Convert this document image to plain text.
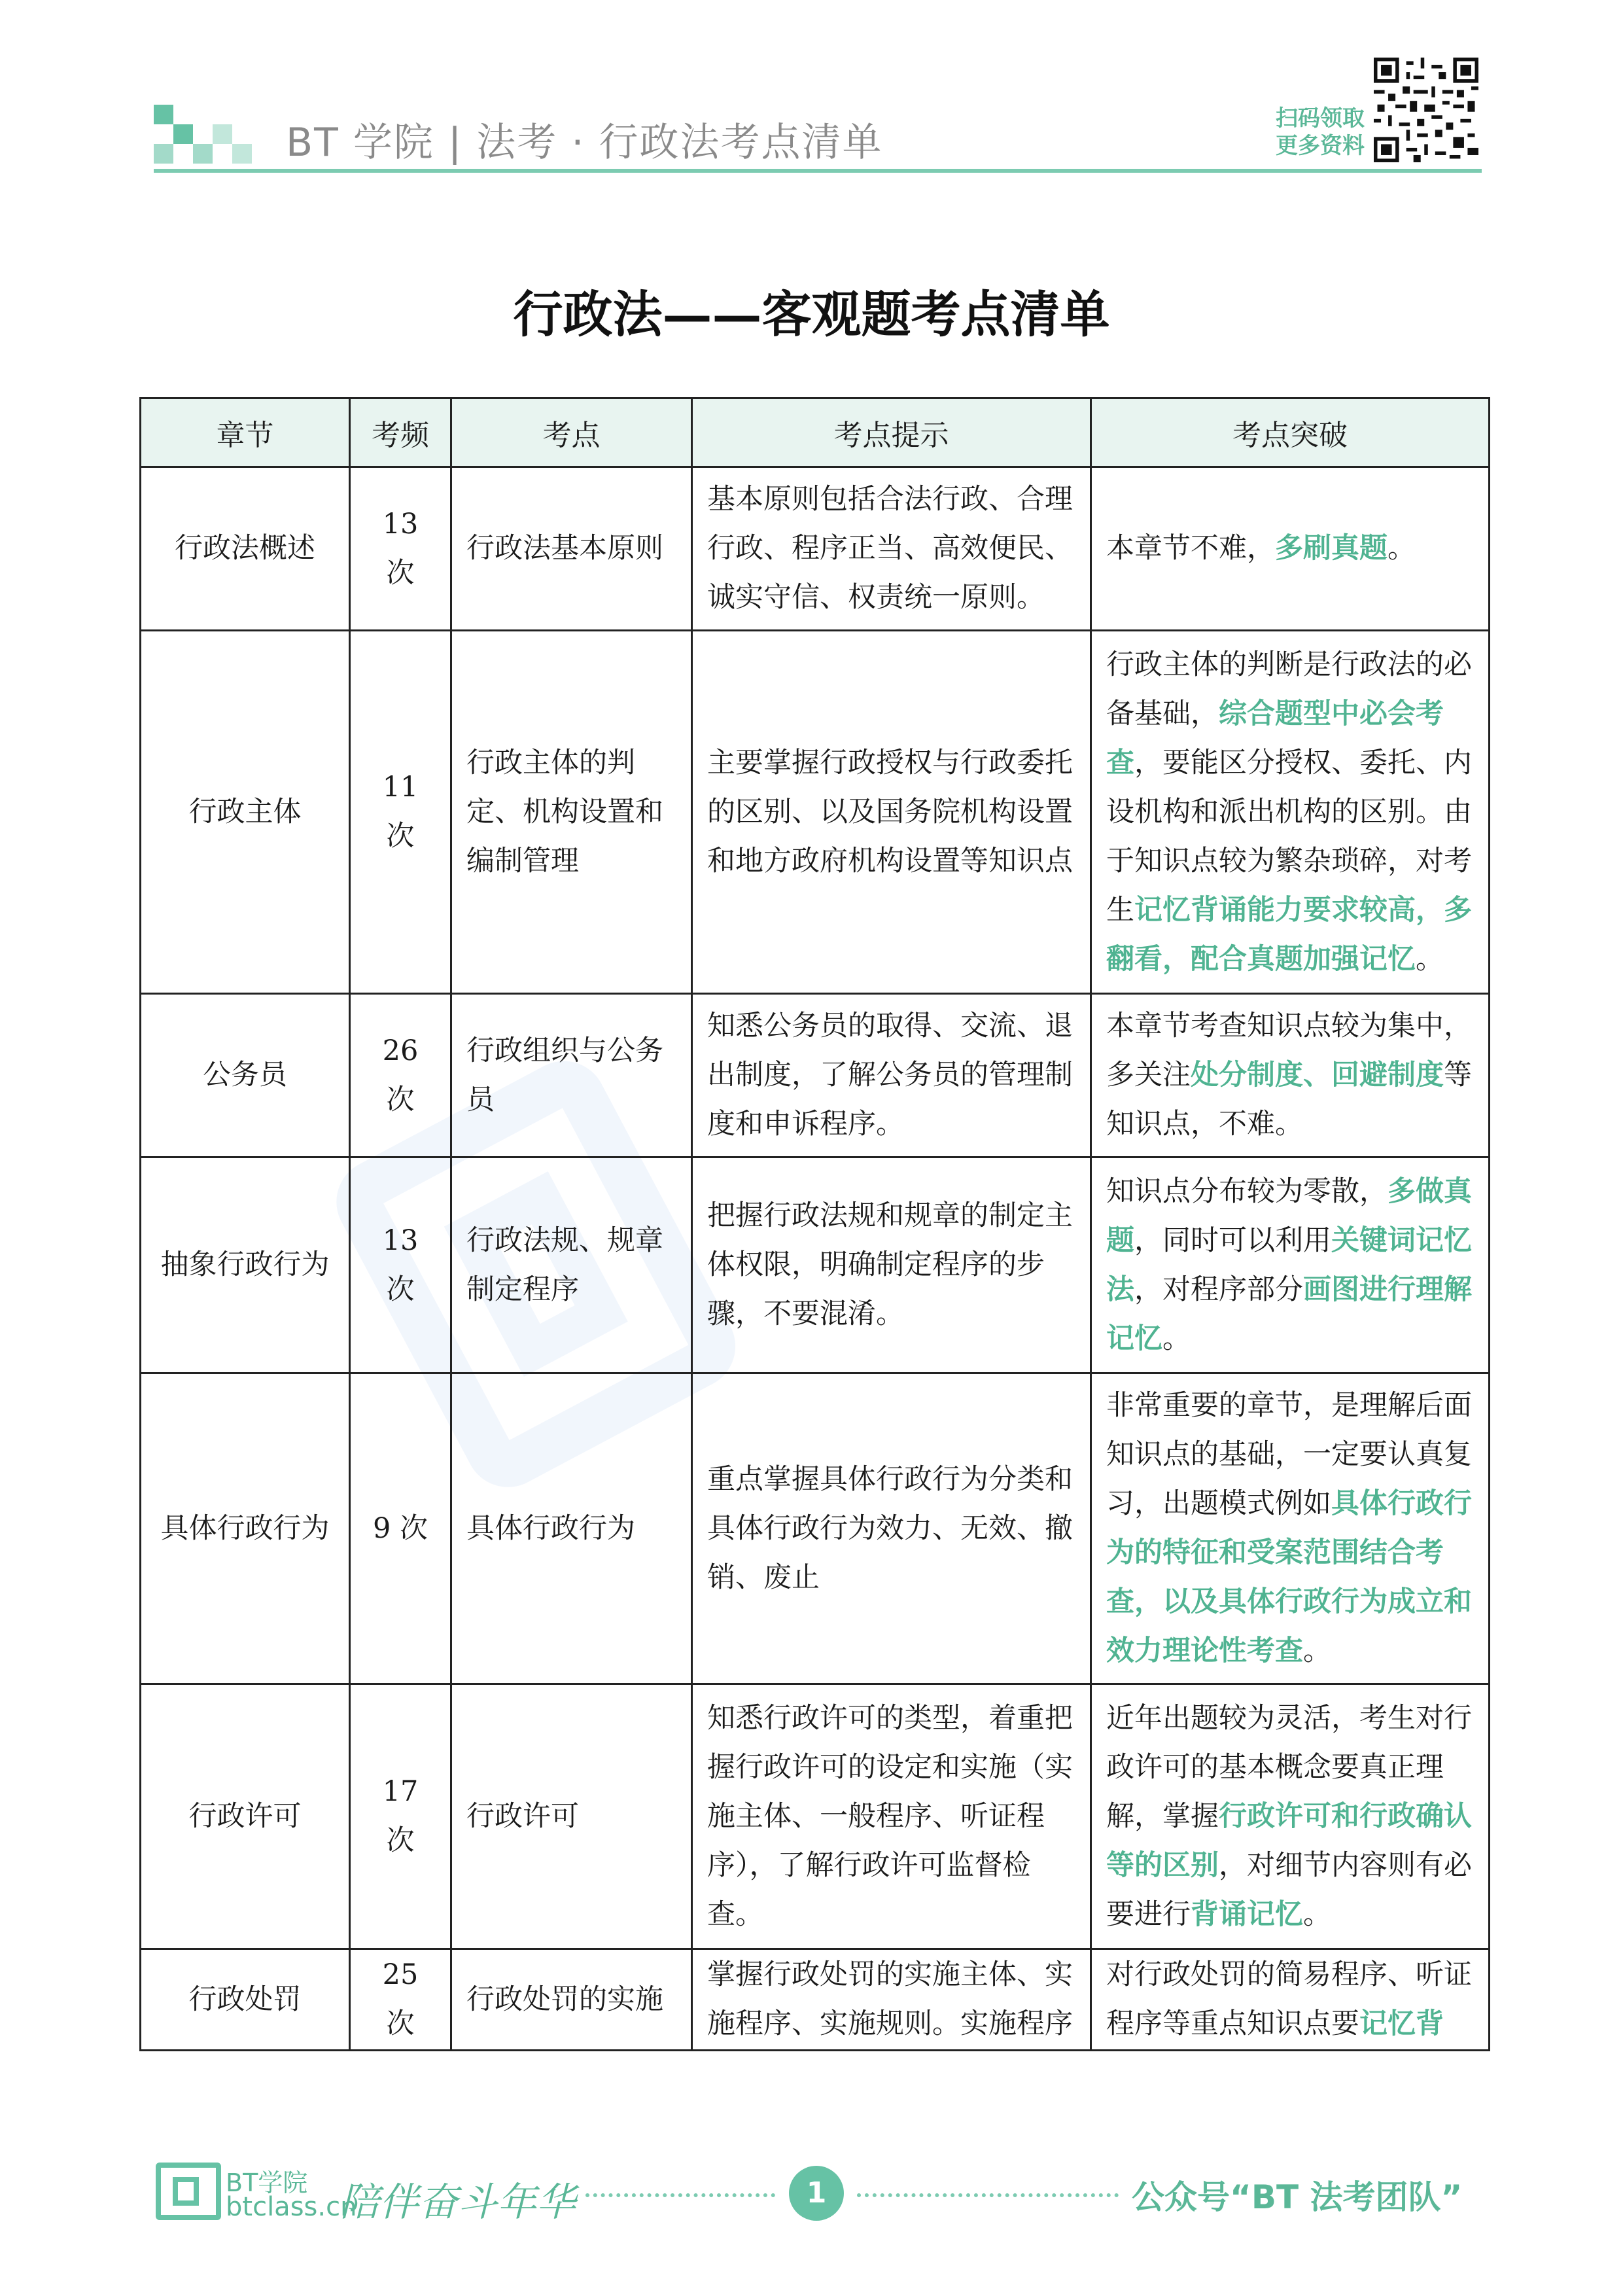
BT 学院 | 法考 · 行政法考点清单
扫码领取
更多资料
行政法——客观题考点清单
章节	考频	考点	考点提示	考点突破
行政法概述	13 次	行政法基本原则	基本原则包括合法行政、合理行政、程序正当、高效便民、诚实守信、权责统一原则。	本章节不难，多刷真题。
行政主体	11 次	行政主体的判定、机构设置和编制管理	主要掌握行政授权与行政委托的区别、以及国务院机构设置和地方政府机构设置等知识点	行政主体的判断是行政法的必备基础，综合题型中必会考查，要能区分授权、委托、内设机构和派出机构的区别。由于知识点较为繁杂琐碎，对考生记忆背诵能力要求较高，多翻看，配合真题加强记忆。
公务员	26 次	行政组织与公务员	知悉公务员的取得、交流、退出制度，了解公务员的管理制度和申诉程序。	本章节考查知识点较为集中，多关注处分制度、回避制度等知识点，不难。
抽象行政行为	13 次	行政法规、规章制定程序	把握行政法规和规章的制定主体权限，明确制定程序的步骤，不要混淆。	知识点分布较为零散，多做真题，同时可以利用关键词记忆法，对程序部分画图进行理解记忆。
具体行政行为	9 次	具体行政行为	重点掌握具体行政行为分类和具体行政行为效力、无效、撤销、废止	非常重要的章节，是理解后面知识点的基础，一定要认真复习，出题模式例如具体行政行为的特征和受案范围结合考查，以及具体行政行为成立和效力理论性考查。
行政许可	17 次	行政许可	知悉行政许可的类型，着重把握行政许可的设定和实施（实施主体、一般程序、听证程序），了解行政许可监督检查。	近年出题较为灵活，考生对行政许可的基本概念要真正理解，掌握行政许可和行政确认等的区别，对细节内容则有必要进行背诵记忆。
行政处罚	25 次	行政处罚的实施	掌握行政处罚的实施主体、实施程序、实施规则。实施程序	对行政处罚的简易程序、听证程序等重点知识点要记忆背
BT学院
btclass.cn
陪伴奋斗年华	1	公众号“BT 法考团队”
